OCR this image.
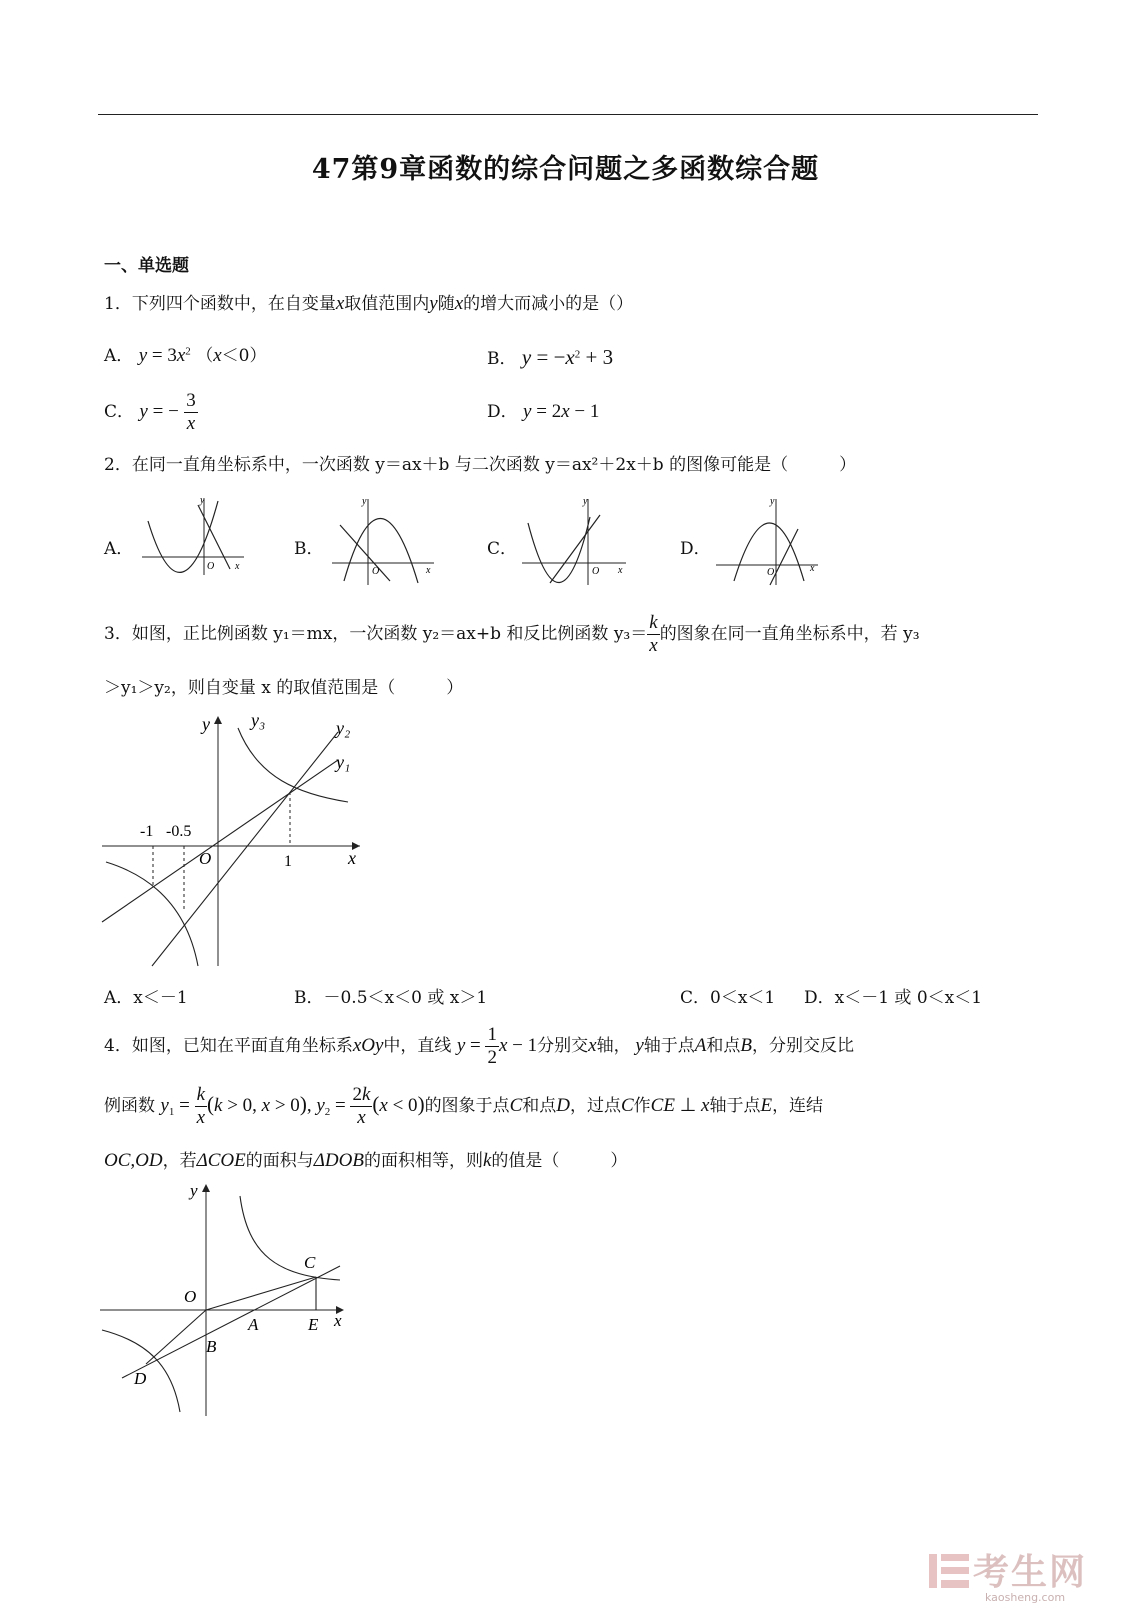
47第9章函数的综合问题之多函数综合题
一、单选题
1．下列四个函数中，在自变量x取值范围内y随x的增大而减小的是（）
A． $y = 3x^2$ （x＜0）	B． $y = -x^2 + 3$
C． y = − $\frac{3}{x}$	D． y = 2x − 1
2．在同一直角坐标系中，一次函数 y＝ax＋b 与二次函数 y＝ax²＋2x＋b 的图像可能是（　　　）
A．	B．	C．	D．
y
O x
y
O	x
y
O x
y
O	x
3．如图，正比例函数 y₁＝mx，一次函数 y₂＝ax+b 和反比例函数 $y_3= \frac{k}{x}$ 的图象在同一直角坐标系中，若 y₃
＞y₁＞y₂，则自变量 x 的取值范围是（　　　）
y y₃	y₂
y₁
-1 -0.5
O	1	x
A．x＜－1	B．－0.5＜x＜0 或 x＞1	C．0＜x＜1 D．x＜－1 或 0＜x＜1
4．如图，已知在平面直角坐标系xOy中，直线 $y = \frac{1}{2}$ x − 1分别交x轴， y轴于点A和点B，分别交反比
例函数 $y_1 = \frac{k}{x} (k > 0$, x > 0), $y_2 = \frac{2k}{x} (x < 0)$的图象于点C和点D，过点C作CE ⊥ x轴于点E，连结
OC,OD，若ΔCOE的面积与ΔDOB的面积相等，则k的值是（　　　）
y
O
C
A	E x
B
D
考生网
kaosheng.com
